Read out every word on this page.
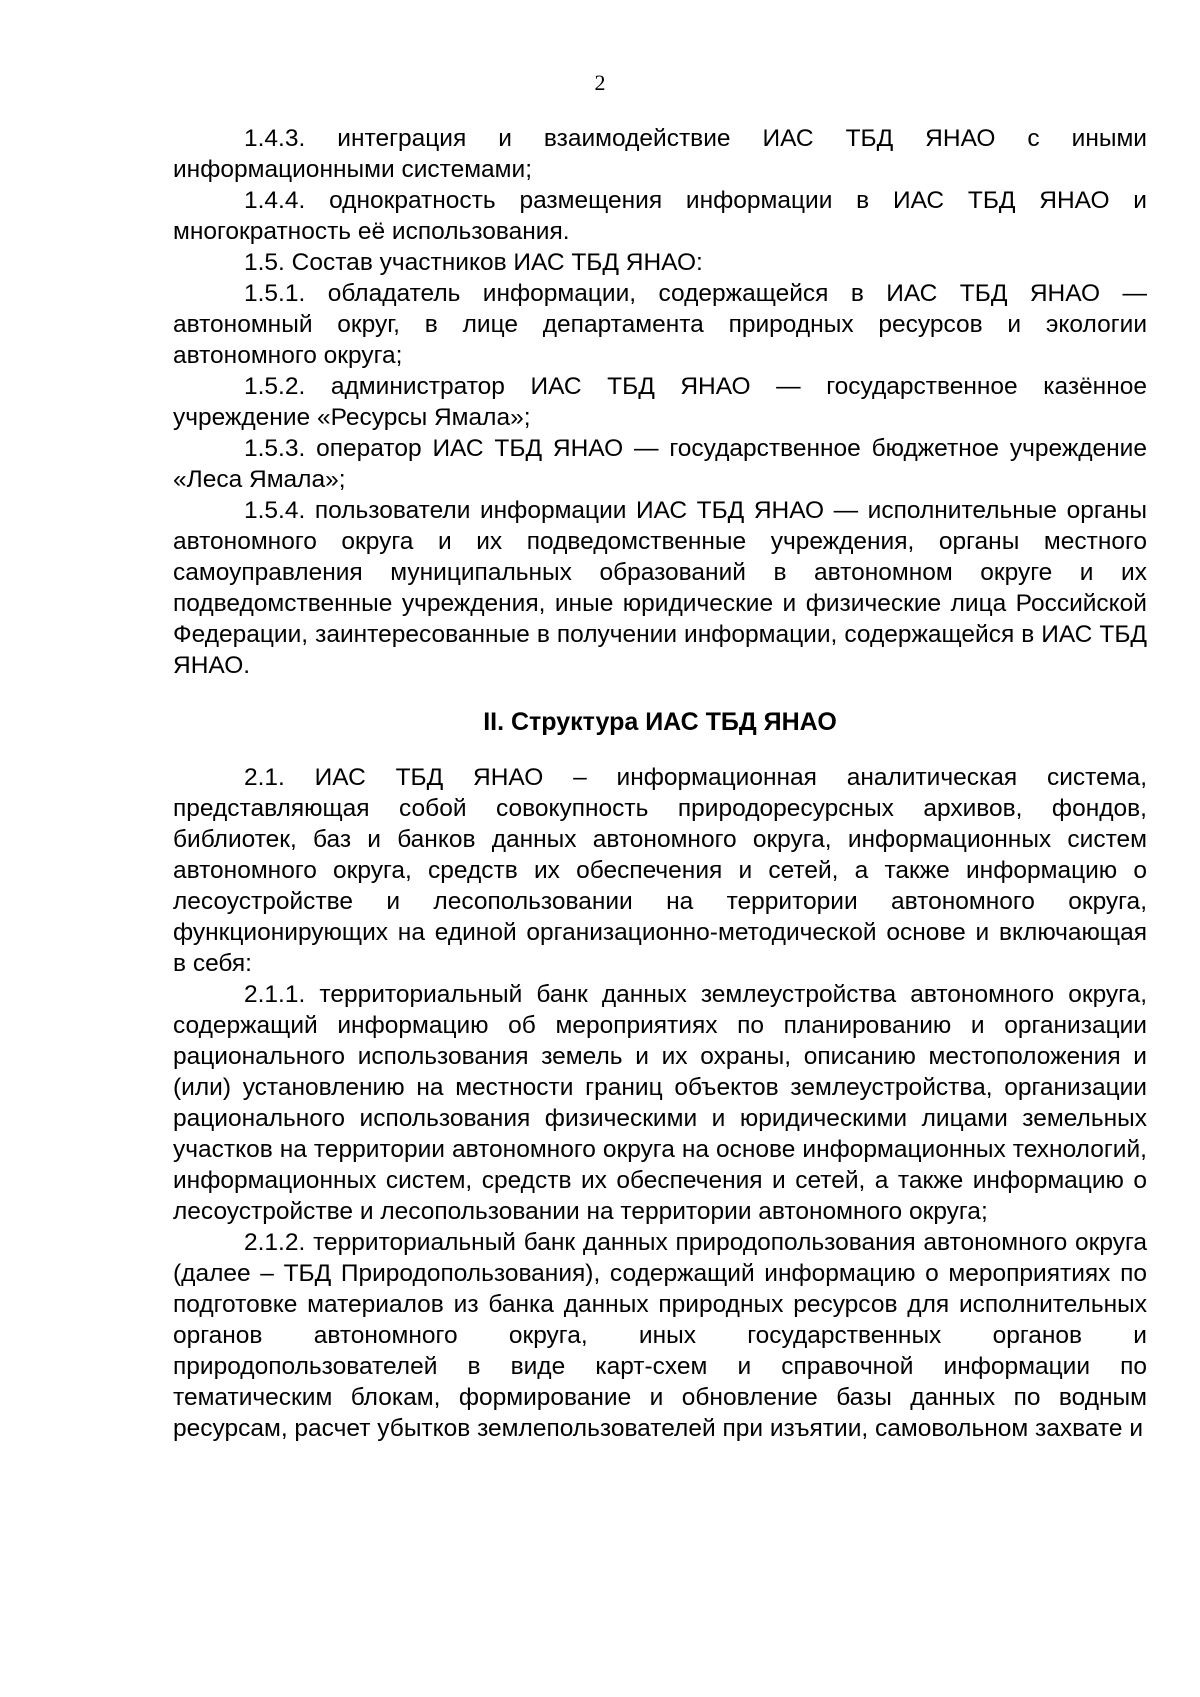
2

1.4.3. интеграция и взаимодействие ИАС ТБД ЯНАО с иными информационными системами;

1.4.4. однократность размещения информации в ИАС ТБД ЯНАО и многократность её использования.

1.5. Состав участников ИАС ТБД ЯНАО:

1.5.1. обладатель информации, содержащейся в ИАС ТБД ЯНАО — автономный округ, в лице департамента природных ресурсов и экологии автономного округа;

1.5.2. администратор ИАС ТБД ЯНАО — государственное казённое учреждение «Ресурсы Ямала»;

1.5.3. оператор ИАС ТБД ЯНАО — государственное бюджетное учреждение «Леса Ямала»;

1.5.4. пользователи информации ИАС ТБД ЯНАО — исполнительные органы автономного округа и их подведомственные учреждения, органы местного самоуправления муниципальных образований в автономном округе и их подведомственные учреждения, иные юридические и физические лица Российской Федерации, заинтересованные в получении информации, содержащейся в ИАС ТБД ЯНАО.

II. Структура ИАС ТБД ЯНАО

2.1. ИАС ТБД ЯНАО – информационная аналитическая система, представляющая собой совокупность природоресурсных архивов, фондов, библиотек, баз и банков данных автономного округа, информационных систем автономного округа, средств их обеспечения и сетей, а также информацию о лесоустройстве и лесопользовании на территории автономного округа, функционирующих на единой организационно-методической основе и включающая в себя:

2.1.1. территориальный банк данных землеустройства автономного округа, содержащий информацию об мероприятиях по планированию и организации рационального использования земель и их охраны, описанию местоположения и (или) установлению на местности границ объектов землеустройства, организации рационального использования физическими и юридическими лицами земельных участков на территории автономного округа на основе информационных технологий, информационных систем, средств их обеспечения и сетей, а также информацию о лесоустройстве и лесопользовании на территории автономного округа;

2.1.2. территориальный банк данных природопользования автономного округа (далее – ТБД Природопользования), содержащий информацию о мероприятиях по подготовке материалов из банка данных природных ресурсов для исполнительных органов автономного округа, иных государственных органов и природопользователей в виде карт-схем и справочной информации по тематическим блокам, формирование и обновление базы данных по водным ресурсам, расчет убытков землепользователей при изъятии, самовольном захвате и
